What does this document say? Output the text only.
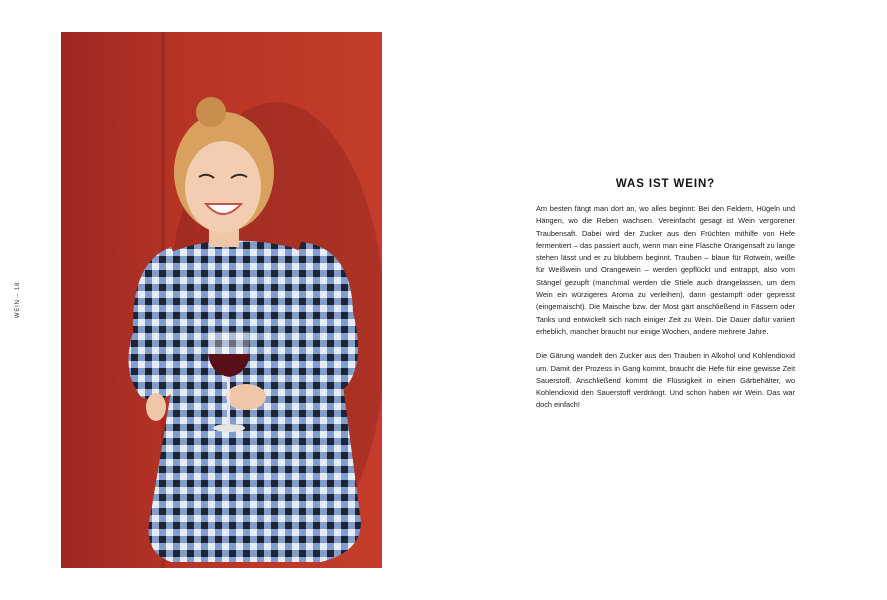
WEIN – 18
WAS IST WEIN?

Am besten fängt man dort an, wo alles beginnt: Bei den Feldern, Hügeln und Hängen, wo die Reben wachsen. Vereinfacht gesagt ist Wein vergorener Traubensaft. Dabei wird der Zucker aus den Früchten mithilfe von Hefe fermentiert – das passiert auch, wenn man eine Flasche Orangensaft zu lange stehen lässt und er zu blubbern beginnt. Trauben – blaue für Rotwein, weiße für Weißwein und Orangewein – werden gepflückt und entrappt, also vom Stängel gezupft (manchmal werden die Stiele auch drangelassen, um dem Wein ein würzigeres Aroma zu verleihen), dann gestampft oder gepresst (eingemaischt). Die Maische bzw. der Most gärt anschließend in Fässern oder Tanks und entwickelt sich nach einiger Zeit zu Wein. Die Dauer dafür variiert erheblich, mancher braucht nur einige Wochen, andere mehrere Jahre.

Die Gärung wandelt den Zucker aus den Trauben in Alkohol und Kohlendioxid um. Damit der Prozess in Gang kommt, braucht die Hefe für eine gewisse Zeit Sauerstoff. Anschließend kommt die Flüssigkeit in einen Gärbehälter, wo Kohlendioxid den Sauerstoff verdrängt. Und schon haben wir Wein. Das war doch einfach!
